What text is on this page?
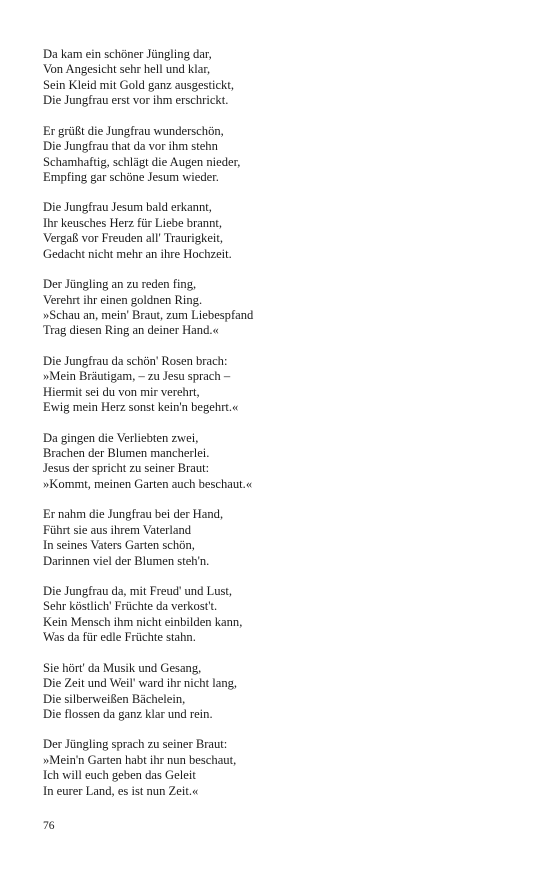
Da kam ein schöner Jüngling dar,
Von Angesicht sehr hell und klar,
Sein Kleid mit Gold ganz ausgestickt,
Die Jungfrau erst vor ihm erschrickt.
Er grüßt die Jungfrau wunderschön,
Die Jungfrau that da vor ihm stehn
Schamhaftig, schlägt die Augen nieder,
Empfing gar schöne Jesum wieder.
Die Jungfrau Jesum bald erkannt,
Ihr keusches Herz für Liebe brannt,
Vergaß vor Freuden all' Traurigkeit,
Gedacht nicht mehr an ihre Hochzeit.
Der Jüngling an zu reden fing,
Verehrt ihr einen goldnen Ring.
»Schau an, mein' Braut, zum Liebespfand
Trag diesen Ring an deiner Hand.«
Die Jungfrau da schön' Rosen brach:
»Mein Bräutigam, – zu Jesu sprach –
Hiermit sei du von mir verehrt,
Ewig mein Herz sonst kein'n begehrt.«
Da gingen die Verliebten zwei,
Brachen der Blumen mancherlei.
Jesus der spricht zu seiner Braut:
»Kommt, meinen Garten auch beschaut.«
Er nahm die Jungfrau bei der Hand,
Führt sie aus ihrem Vaterland
In seines Vaters Garten schön,
Darinnen viel der Blumen steh'n.
Die Jungfrau da, mit Freud' und Lust,
Sehr köstlich' Früchte da verkost't.
Kein Mensch ihm nicht einbilden kann,
Was da für edle Früchte stahn.
Sie hört' da Musik und Gesang,
Die Zeit und Weil' ward ihr nicht lang,
Die silberweißen Bächelein,
Die flossen da ganz klar und rein.
Der Jüngling sprach zu seiner Braut:
»Mein'n Garten habt ihr nun beschaut,
Ich will euch geben das Geleit
In eurer Land, es ist nun Zeit.«
76
